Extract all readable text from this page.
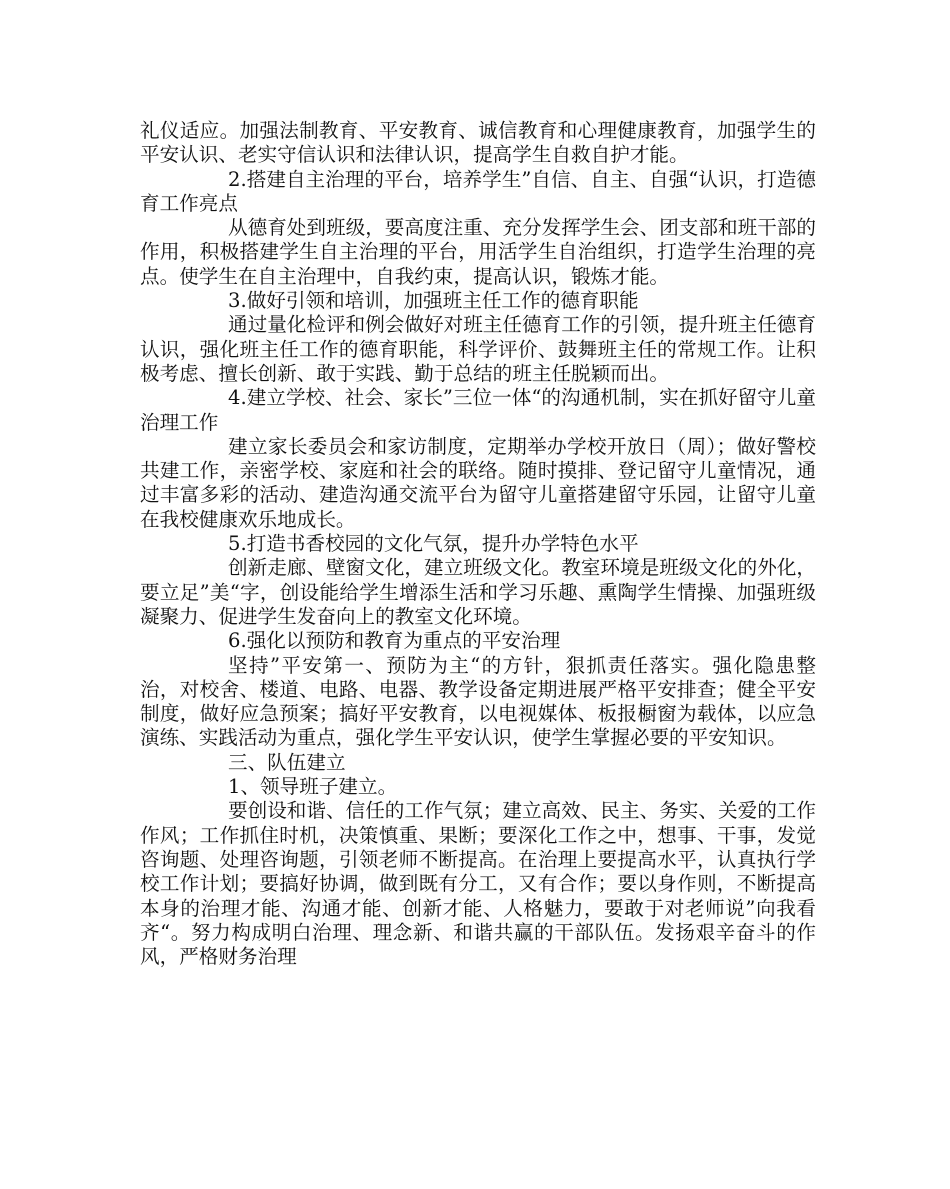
礼仪适应。加强法制教育、平安教育、诚信教育和心理健康教育，加强学生的平安认识、老实守信认识和法律认识，提高学生自救自护才能。

2.搭建自主治理的平台，培养学生”自信、自主、自强“认识，打造德育工作亮点

从德育处到班级，要高度注重、充分发挥学生会、团支部和班干部的作用，积极搭建学生自主治理的平台，用活学生自治组织，打造学生治理的亮点。使学生在自主治理中，自我约束，提高认识，锻炼才能。

3.做好引领和培训，加强班主任工作的德育职能

通过量化检评和例会做好对班主任德育工作的引领，提升班主任德育认识，强化班主任工作的德育职能，科学评价、鼓舞班主任的常规工作。让积极考虑、擅长创新、敢于实践、勤于总结的班主任脱颖而出。

4.建立学校、社会、家长”三位一体“的沟通机制，实在抓好留守儿童治理工作

建立家长委员会和家访制度，定期举办学校开放日（周）；做好警校共建工作，亲密学校、家庭和社会的联络。随时摸排、登记留守儿童情况，通过丰富多彩的活动、建造沟通交流平台为留守儿童搭建留守乐园，让留守儿童在我校健康欢乐地成长。

5.打造书香校园的文化气氛，提升办学特色水平

创新走廊、壁窗文化，建立班级文化。教室环境是班级文化的外化，要立足”美“字，创设能给学生增添生活和学习乐趣、熏陶学生情操、加强班级凝聚力、促进学生发奋向上的教室文化环境。

6.强化以预防和教育为重点的平安治理

坚持”平安第一、预防为主“的方针，狠抓责任落实。强化隐患整治，对校舍、楼道、电路、电器、教学设备定期进展严格平安排查；健全平安制度，做好应急预案；搞好平安教育，以电视媒体、板报橱窗为载体，以应急演练、实践活动为重点，强化学生平安认识，使学生掌握必要的平安知识。

三、队伍建立

1、领导班子建立。

要创设和谐、信任的工作气氛；建立高效、民主、务实、关爱的工作作风；工作抓住时机，决策慎重、果断；要深化工作之中，想事、干事，发觉咨询题、处理咨询题，引领老师不断提高。在治理上要提高水平，认真执行学校工作计划；要搞好协调，做到既有分工，又有合作；要以身作则，不断提高本身的治理才能、沟通才能、创新才能、人格魅力，要敢于对老师说”向我看齐“。努力构成明白治理、理念新、和谐共赢的干部队伍。发扬艰辛奋斗的作风，严格财务治理
